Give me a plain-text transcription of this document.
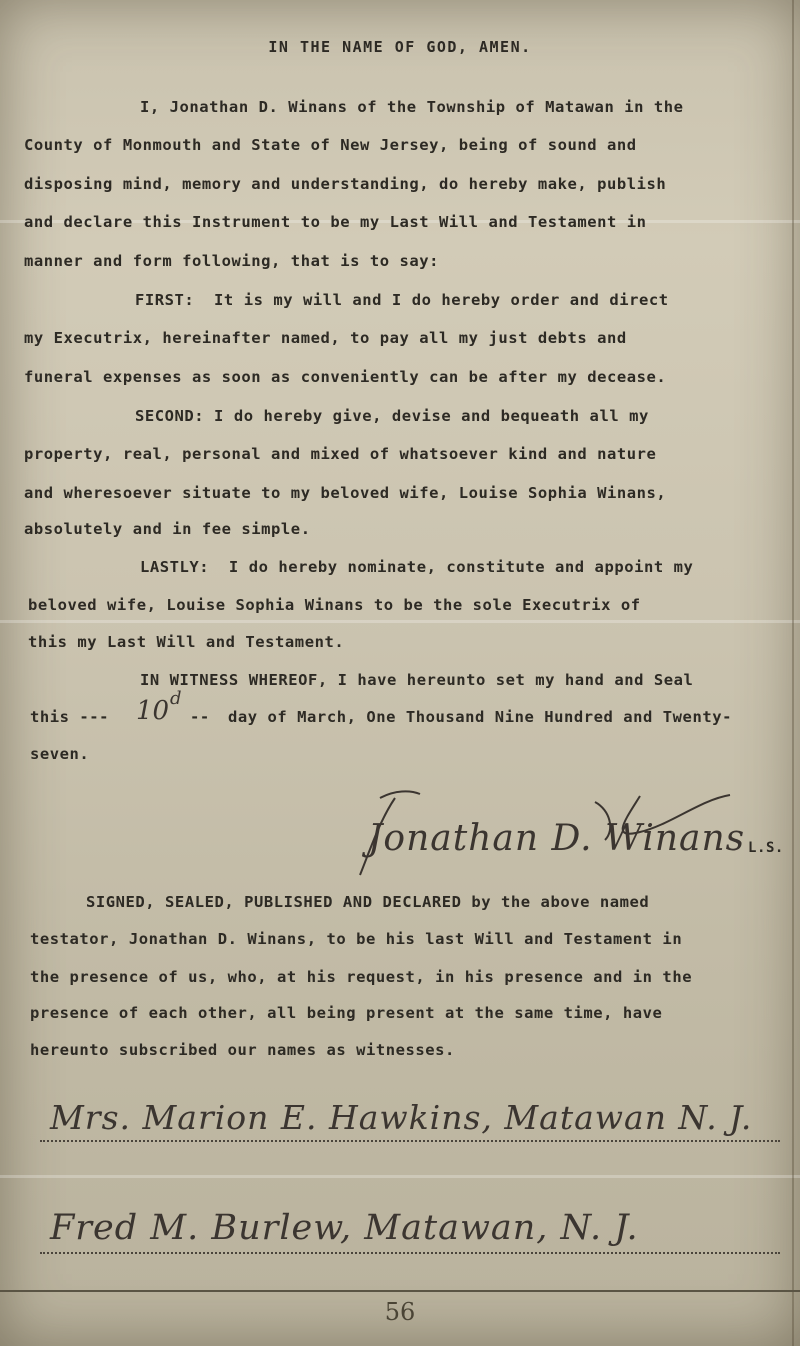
IN THE NAME OF GOD, AMEN.
I, Jonathan D. Winans of the Township of Matawan in the
County of Monmouth and State of New Jersey, being of sound and
disposing mind, memory and understanding, do hereby make, publish
and declare this Instrument to be my Last Will and Testament in
manner and form following, that is to say:
FIRST:  It is my will and I do hereby order and direct
my Executrix, hereinafter named, to pay all my just debts and
funeral expenses as soon as conveniently can be after my decease.
SECOND: I do hereby give, devise and bequeath all my
property, real, personal and mixed of whatsoever kind and nature
and wheresoever situate to my beloved wife, Louise Sophia Winans,
absolutely and in fee simple.
LASTLY:  I do hereby nominate, constitute and appoint my
beloved wife, Louise Sophia Winans to be the sole Executrix of
this my Last Will and Testament.
IN WITNESS WHEREOF, I have hereunto set my hand and Seal
this --- 10 d
-- day of March, One Thousand Nine Hundred and Twenty-
seven.
Jonathan D. Winans L.S.
SIGNED, SEALED, PUBLISHED AND DECLARED by the above named
testator, Jonathan D. Winans, to be his last Will and Testament in
the presence of us, who, at his request, in his presence and in the
presence of each other, all being present at the same time, have
hereunto subscribed our names as witnesses.
Mrs. Marion E. Hawkins, Matawan N. J.
Fred M. Burlew, Matawan, N. J.
56
